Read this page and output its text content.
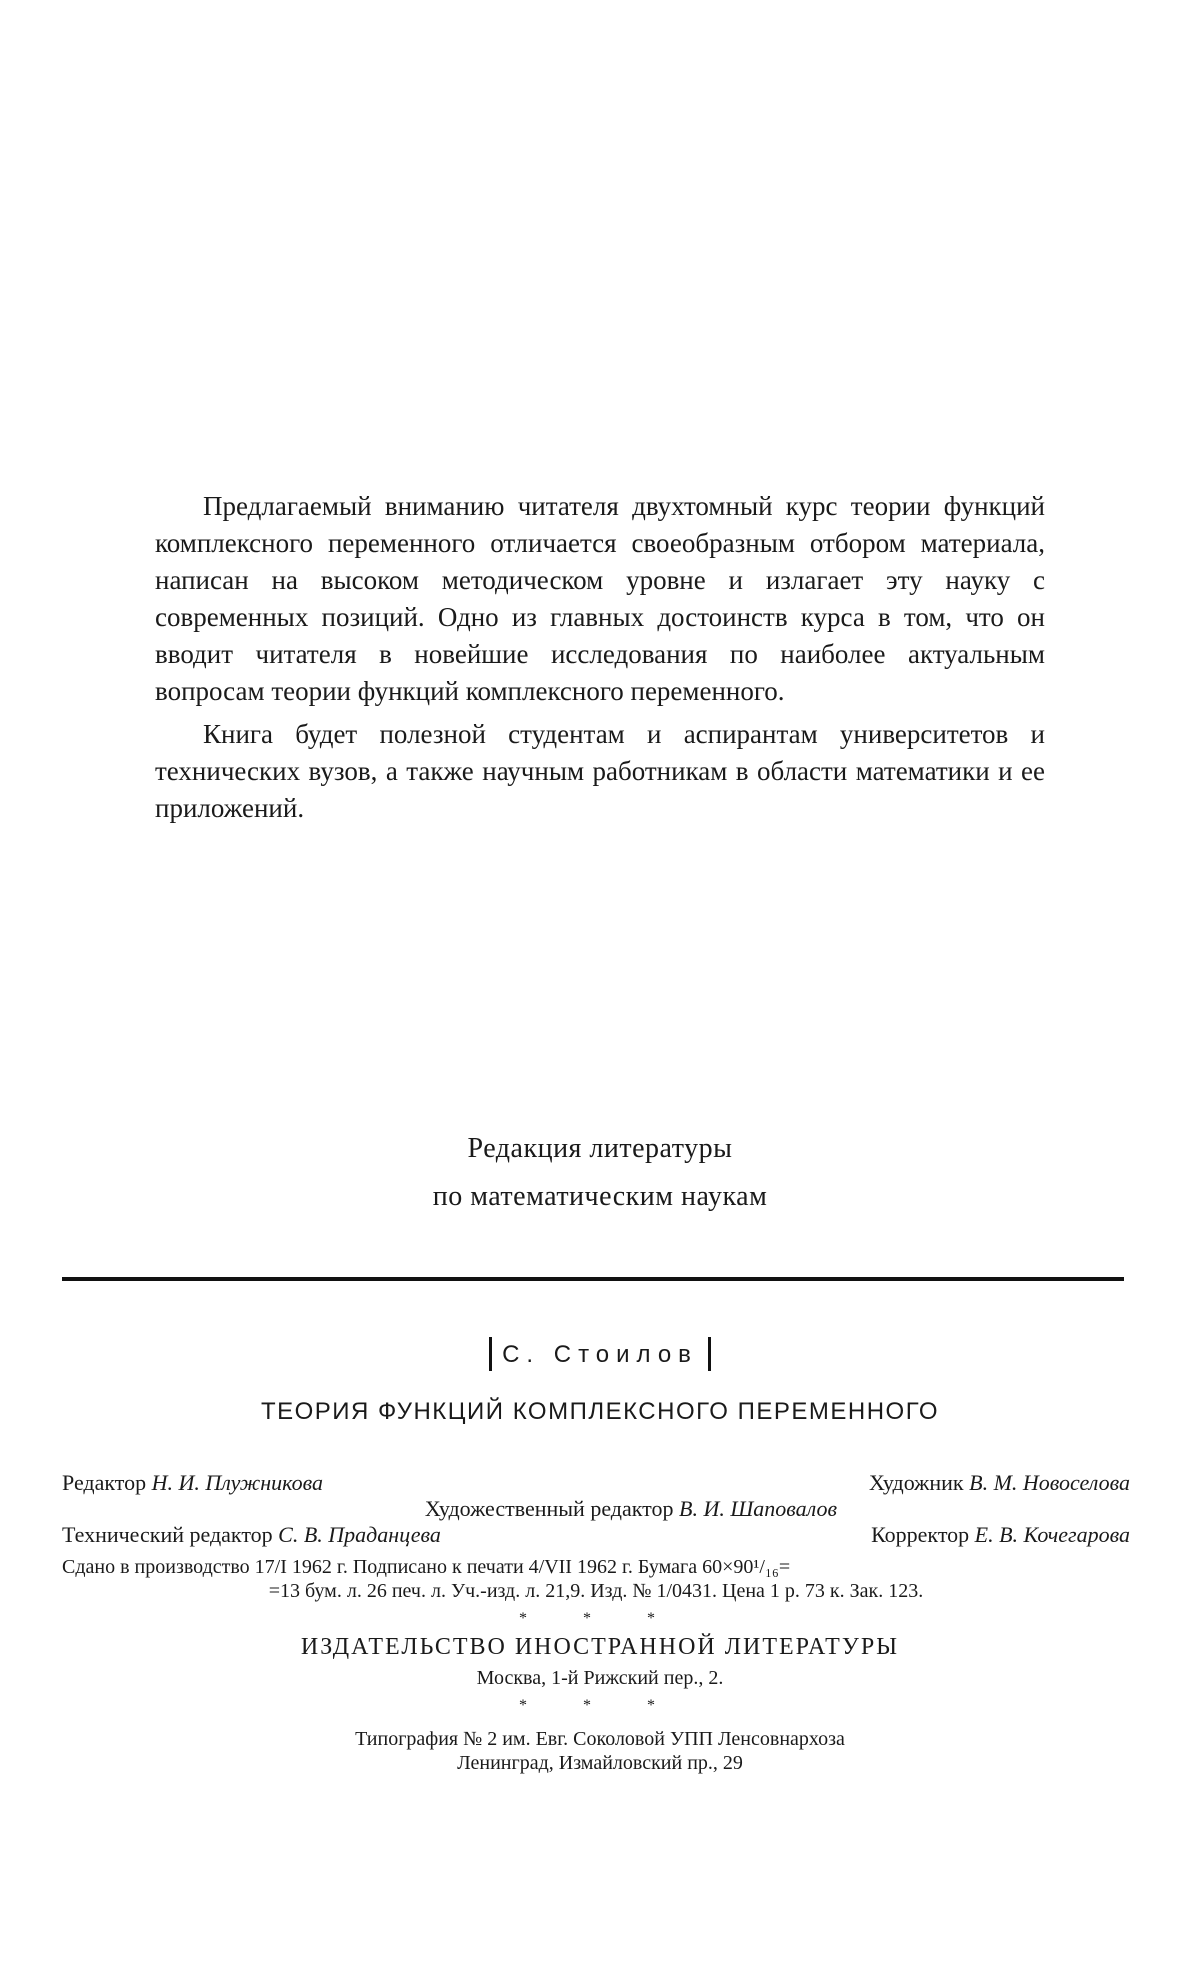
Предлагаемый вниманию читателя двухтомный курс теории функций комплексного переменного отличается своеобразным отбором материала, написан на высоком методическом уровне и излагает эту науку с современных позиций. Одно из главных достоинств курса в том, что он вводит читателя в новейшие исследования по наиболее актуальным вопросам теории функций комплексного переменного.

Книга будет полезной студентам и аспирантам университетов и технических вузов, а также научным работникам в области математики и ее приложений.

Редакция литературы
по математическим наукам
С. Стоилов
ТЕОРИЯ ФУНКЦИЙ КОМПЛЕКСНОГО ПЕРЕМЕННОГО
Редактор Н. И. Плужникова	Художник В. М. Новоселова
Художественный редактор В. И. Шаповалов
Технический редактор С. В. Праданцева	Корректор Е. В. Кочегарова
Сдано в производство 17/I 1962 г. Подписано к печати 4/VII 1962 г. Бумага 60×90¹/₁₆=
=13 бум. л. 26 печ. л. Уч.-изд. л. 21,9. Изд. № 1/0431. Цена 1 р. 73 к. Зак. 123.
* * *
ИЗДАТЕЛЬСТВО ИНОСТРАННОЙ ЛИТЕРАТУРЫ
Москва, 1-й Рижский пер., 2.
* * *
Типография № 2 им. Евг. Соколовой УПП Ленсовнархоза
Ленинград, Измайловский пр., 29
